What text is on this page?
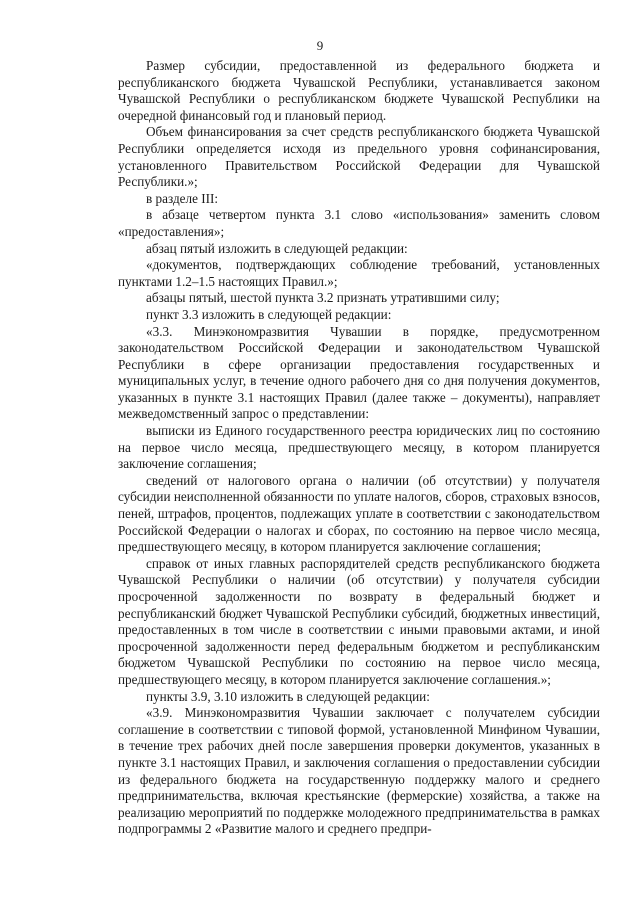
9

Размер субсидии, предоставленной из федерального бюджета и республиканского бюджета Чувашской Республики, устанавливается законом Чувашской Республики о республиканском бюджете Чувашской Республики на очередной финансовый год и плановый период.

Объем финансирования за счет средств республиканского бюджета Чувашской Республики определяется исходя из предельного уровня софинансирования, установленного Правительством Российской Федерации для Чувашской Республики.»;

в разделе III:

в абзаце четвертом пункта 3.1 слово «использования» заменить словом «предоставления»;

абзац пятый изложить в следующей редакции:

«документов, подтверждающих соблюдение требований, установленных пунктами 1.2–1.5 настоящих Правил.»;

абзацы пятый, шестой пункта 3.2 признать утратившими силу;

пункт 3.3 изложить в следующей редакции:

«3.3. Минэкономразвития Чувашии в порядке, предусмотренном законодательством Российской Федерации и законодательством Чувашской Республики в сфере организации предоставления государственных и муниципальных услуг, в течение одного рабочего дня со дня получения документов, указанных в пункте 3.1 настоящих Правил (далее также – документы), направляет межведомственный запрос о представлении:

выписки из Единого государственного реестра юридических лиц по состоянию на первое число месяца, предшествующего месяцу, в котором планируется заключение соглашения;

сведений от налогового органа о наличии (об отсутствии) у получателя субсидии неисполненной обязанности по уплате налогов, сборов, страховых взносов, пеней, штрафов, процентов, подлежащих уплате в соответствии с законодательством Российской Федерации о налогах и сборах, по состоянию на первое число месяца, предшествующего месяцу, в котором планируется заключение соглашения;

справок от иных главных распорядителей средств республиканского бюджета Чувашской Республики о наличии (об отсутствии) у получателя субсидии просроченной задолженности по возврату в федеральный бюджет и республиканский бюджет Чувашской Республики субсидий, бюджетных инвестиций, предоставленных в том числе в соответствии с иными правовыми актами, и иной просроченной задолженности перед федеральным бюджетом и республиканским бюджетом Чувашской Республики по состоянию на первое число месяца, предшествующего месяцу, в котором планируется заключение соглашения.»;

пункты 3.9, 3.10 изложить в следующей редакции:

«3.9. Минэкономразвития Чувашии заключает с получателем субсидии соглашение в соответствии с типовой формой, установленной Минфином Чувашии, в течение трех рабочих дней после завершения проверки документов, указанных в пункте 3.1 настоящих Правил, и заключения соглашения о предоставлении субсидии из федерального бюджета на государственную поддержку малого и среднего предпринимательства, включая крестьянские (фермерские) хозяйства, а также на реализацию мероприятий по поддержке молодежного предпринимательства в рамках подпрограммы 2 «Развитие малого и среднего предпри-
